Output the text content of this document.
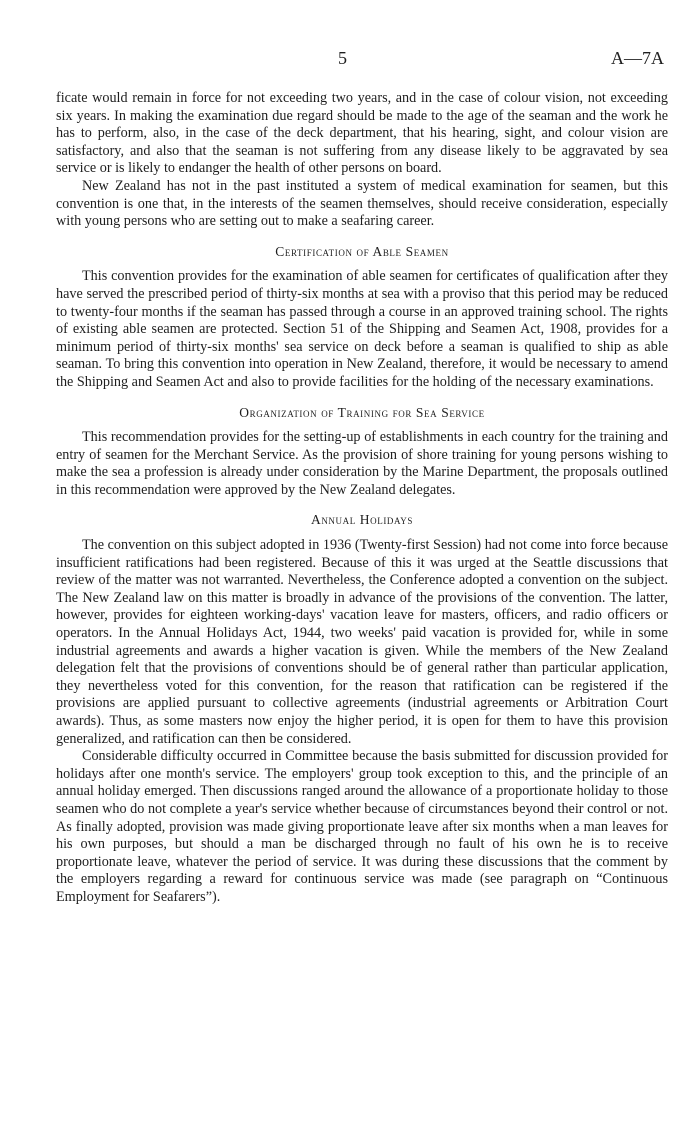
5	A—7A

ficate would remain in force for not exceeding two years, and in the case of colour vision, not exceeding six years. In making the examination due regard should be made to the age of the seaman and the work he has to perform, also, in the case of the deck department, that his hearing, sight, and colour vision are satisfactory, and also that the seaman is not suffering from any disease likely to be aggravated by sea service or is likely to endanger the health of other persons on board.

New Zealand has not in the past instituted a system of medical examination for seamen, but this convention is one that, in the interests of the seamen themselves, should receive consideration, especially with young persons who are setting out to make a seafaring career.

Certification of Able Seamen

This convention provides for the examination of able seamen for certificates of qualification after they have served the prescribed period of thirty-six months at sea with a proviso that this period may be reduced to twenty-four months if the seaman has passed through a course in an approved training school. The rights of existing able seamen are protected. Section 51 of the Shipping and Seamen Act, 1908, provides for a minimum period of thirty-six months' sea service on deck before a seaman is qualified to ship as able seaman. To bring this convention into operation in New Zealand, therefore, it would be necessary to amend the Shipping and Seamen Act and also to provide facilities for the holding of the necessary examinations.

Organization of Training for Sea Service

This recommendation provides for the setting-up of establishments in each country for the training and entry of seamen for the Merchant Service. As the provision of shore training for young persons wishing to make the sea a profession is already under consideration by the Marine Department, the proposals outlined in this recommendation were approved by the New Zealand delegates.

Annual Holidays

The convention on this subject adopted in 1936 (Twenty-first Session) had not come into force because insufficient ratifications had been registered. Because of this it was urged at the Seattle discussions that review of the matter was not warranted. Nevertheless, the Conference adopted a convention on the subject. The New Zealand law on this matter is broadly in advance of the provisions of the convention. The latter, however, provides for eighteen working-days' vacation leave for masters, officers, and radio officers or operators. In the Annual Holidays Act, 1944, two weeks' paid vacation is provided for, while in some industrial agreements and awards a higher vacation is given. While the members of the New Zealand delegation felt that the provisions of conventions should be of general rather than particular application, they nevertheless voted for this convention, for the reason that ratification can be registered if the provisions are applied pursuant to collective agreements (industrial agreements or Arbitration Court awards). Thus, as some masters now enjoy the higher period, it is open for them to have this provision generalized, and ratification can then be considered.

Considerable difficulty occurred in Committee because the basis submitted for discussion provided for holidays after one month's service. The employers' group took exception to this, and the principle of an annual holiday emerged. Then discussions ranged around the allowance of a proportionate holiday to those seamen who do not complete a year's service whether because of circumstances beyond their control or not. As finally adopted, provision was made giving proportionate leave after six months when a man leaves for his own purposes, but should a man be discharged through no fault of his own he is to receive proportionate leave, whatever the period of service. It was during these discussions that the comment by the employers regarding a reward for continuous service was made (see paragraph on “Continuous Employment for Seafarers”).
